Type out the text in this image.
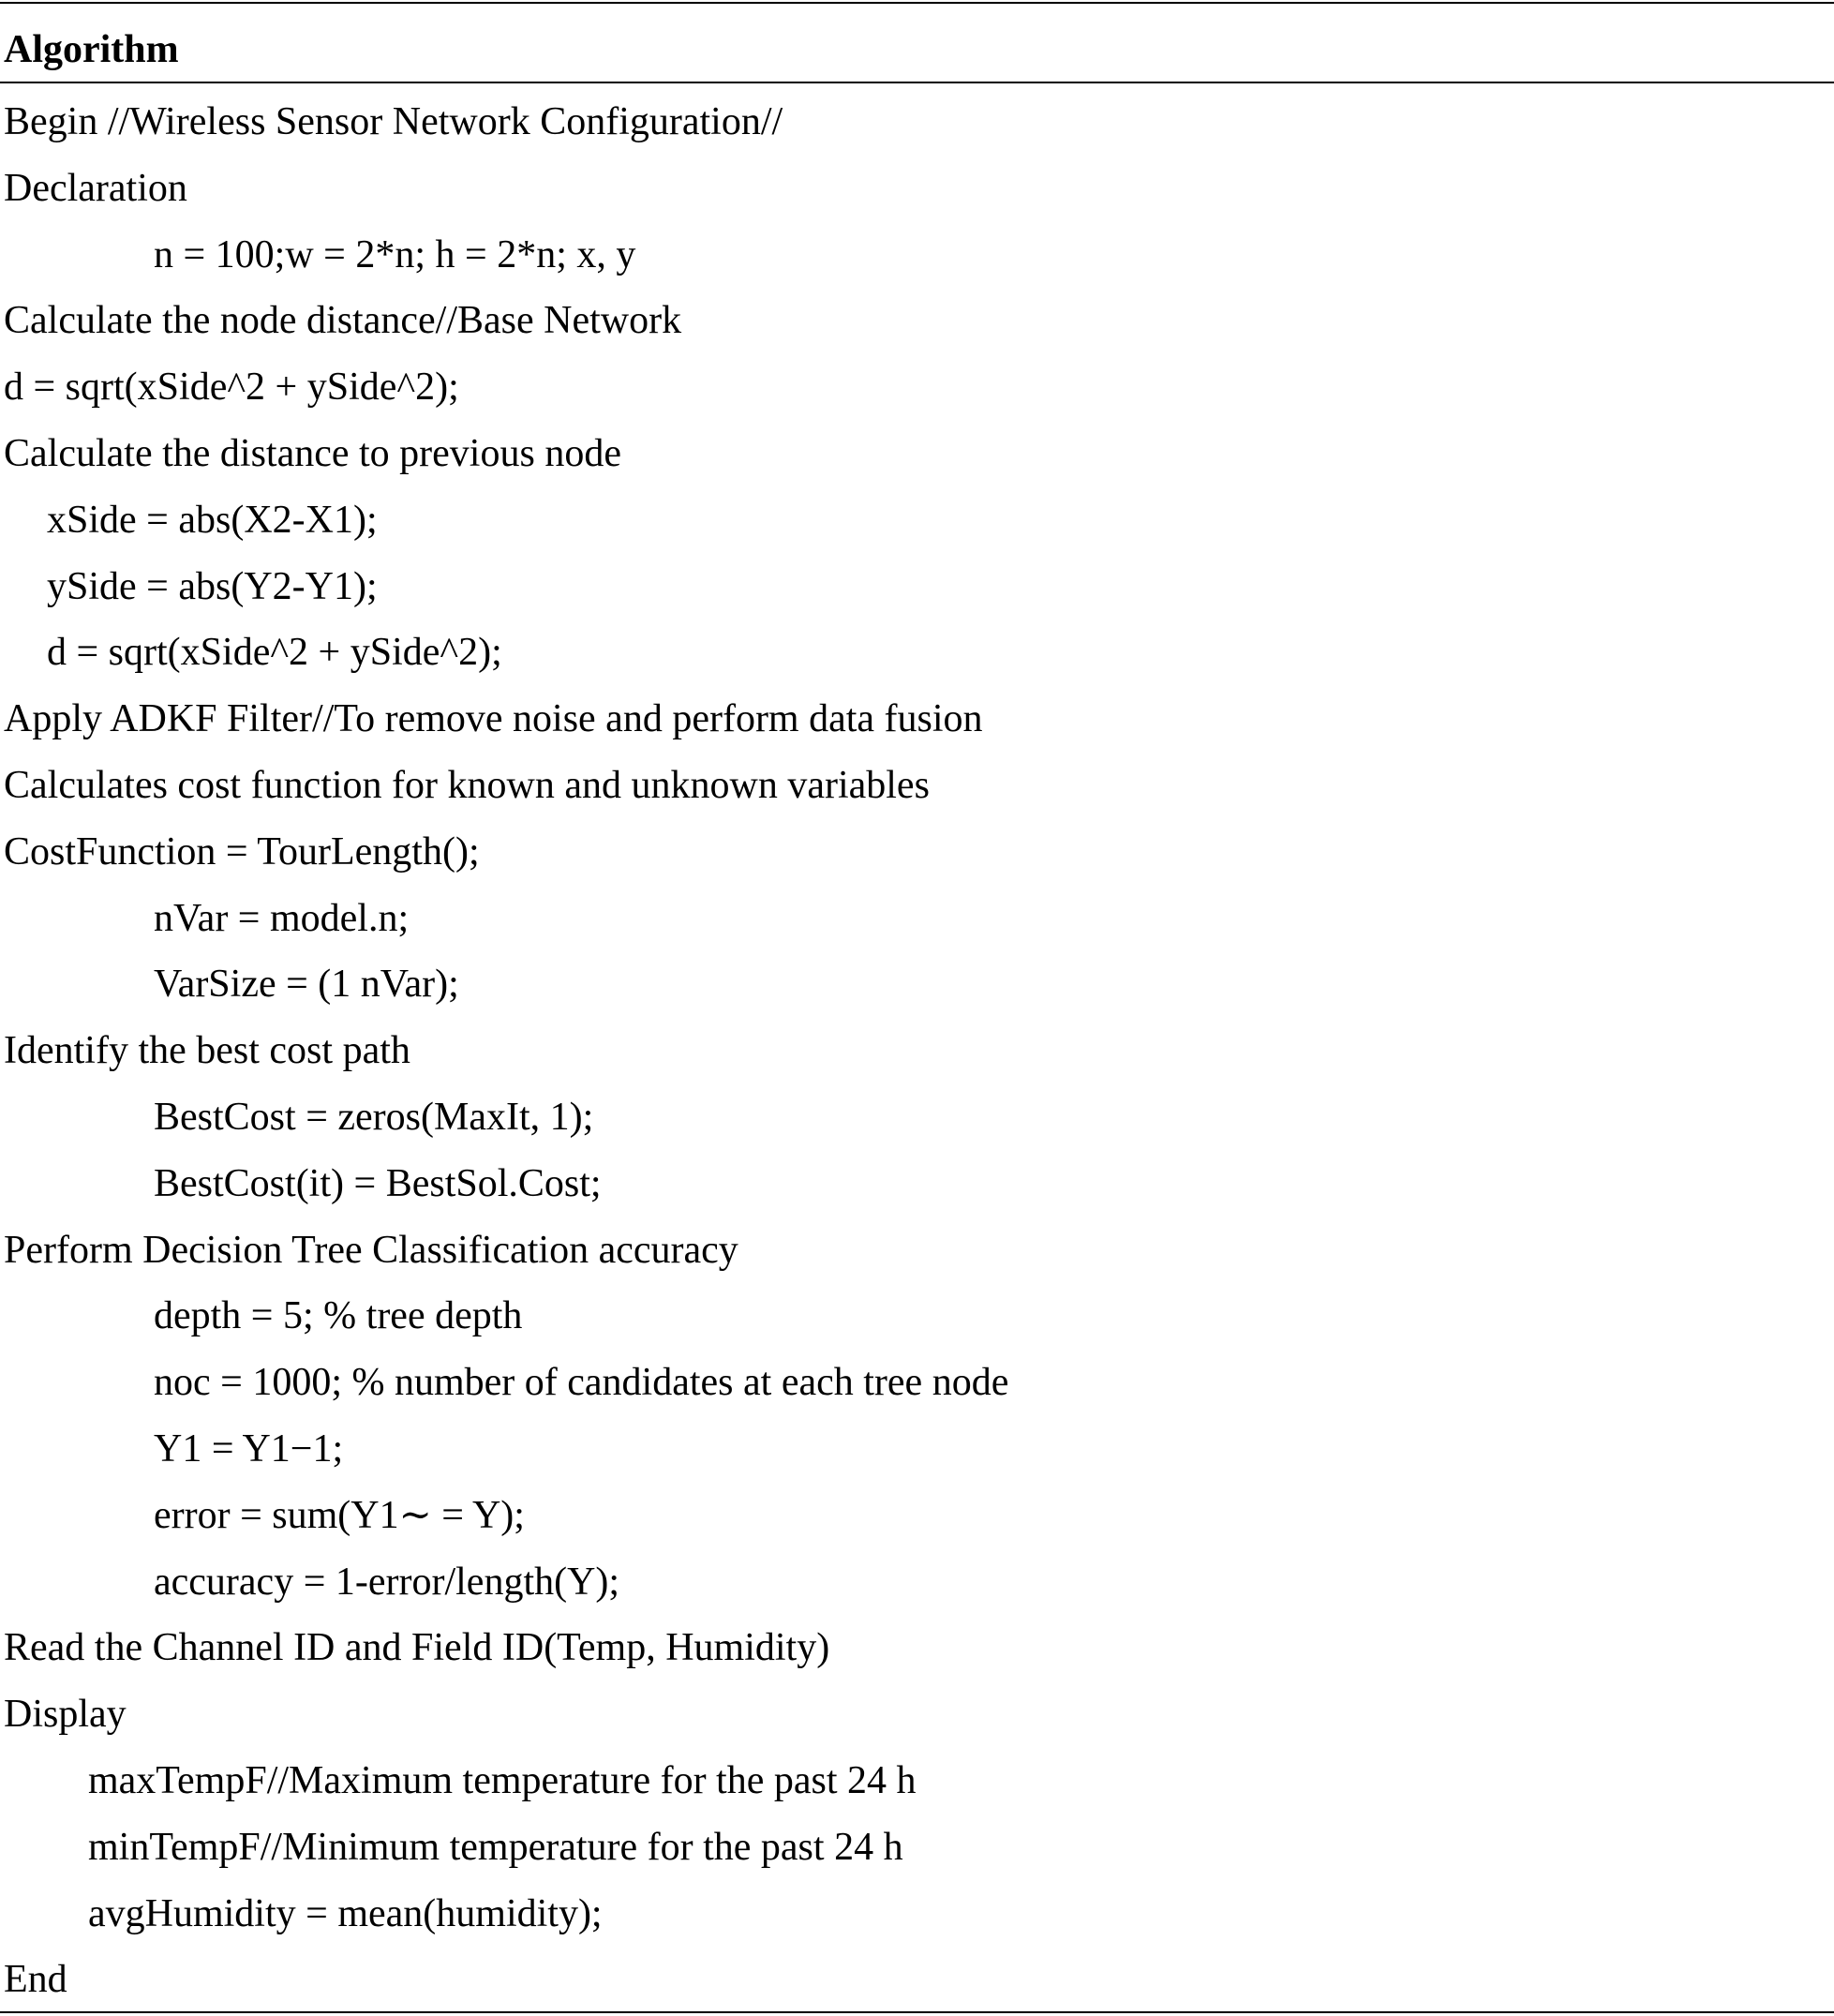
Algorithm
Begin //Wireless Sensor Network Configuration//
Declaration
n = 100;w = 2*n; h = 2*n; x, y
Calculate the node distance//Base Network
d = sqrt(xSide^2 + ySide^2);
Calculate the distance to previous node
xSide = abs(X2-X1);
ySide = abs(Y2-Y1);
d = sqrt(xSide^2 + ySide^2);
Apply ADKF Filter//To remove noise and perform data fusion
Calculates cost function for known and unknown variables
CostFunction = TourLength();
nVar = model.n;
VarSize = (1 nVar);
Identify the best cost path
BestCost = zeros(MaxIt, 1);
BestCost(it) = BestSol.Cost;
Perform Decision Tree Classification accuracy
depth = 5; % tree depth
noc = 1000; % number of candidates at each tree node
Y1 = Y1−1;
error = sum(Y1∼ = Y);
accuracy = 1-error/length(Y);
Read the Channel ID and Field ID(Temp, Humidity)
Display
maxTempF//Maximum temperature for the past 24 h
minTempF//Minimum temperature for the past 24 h
avgHumidity = mean(humidity);
End
